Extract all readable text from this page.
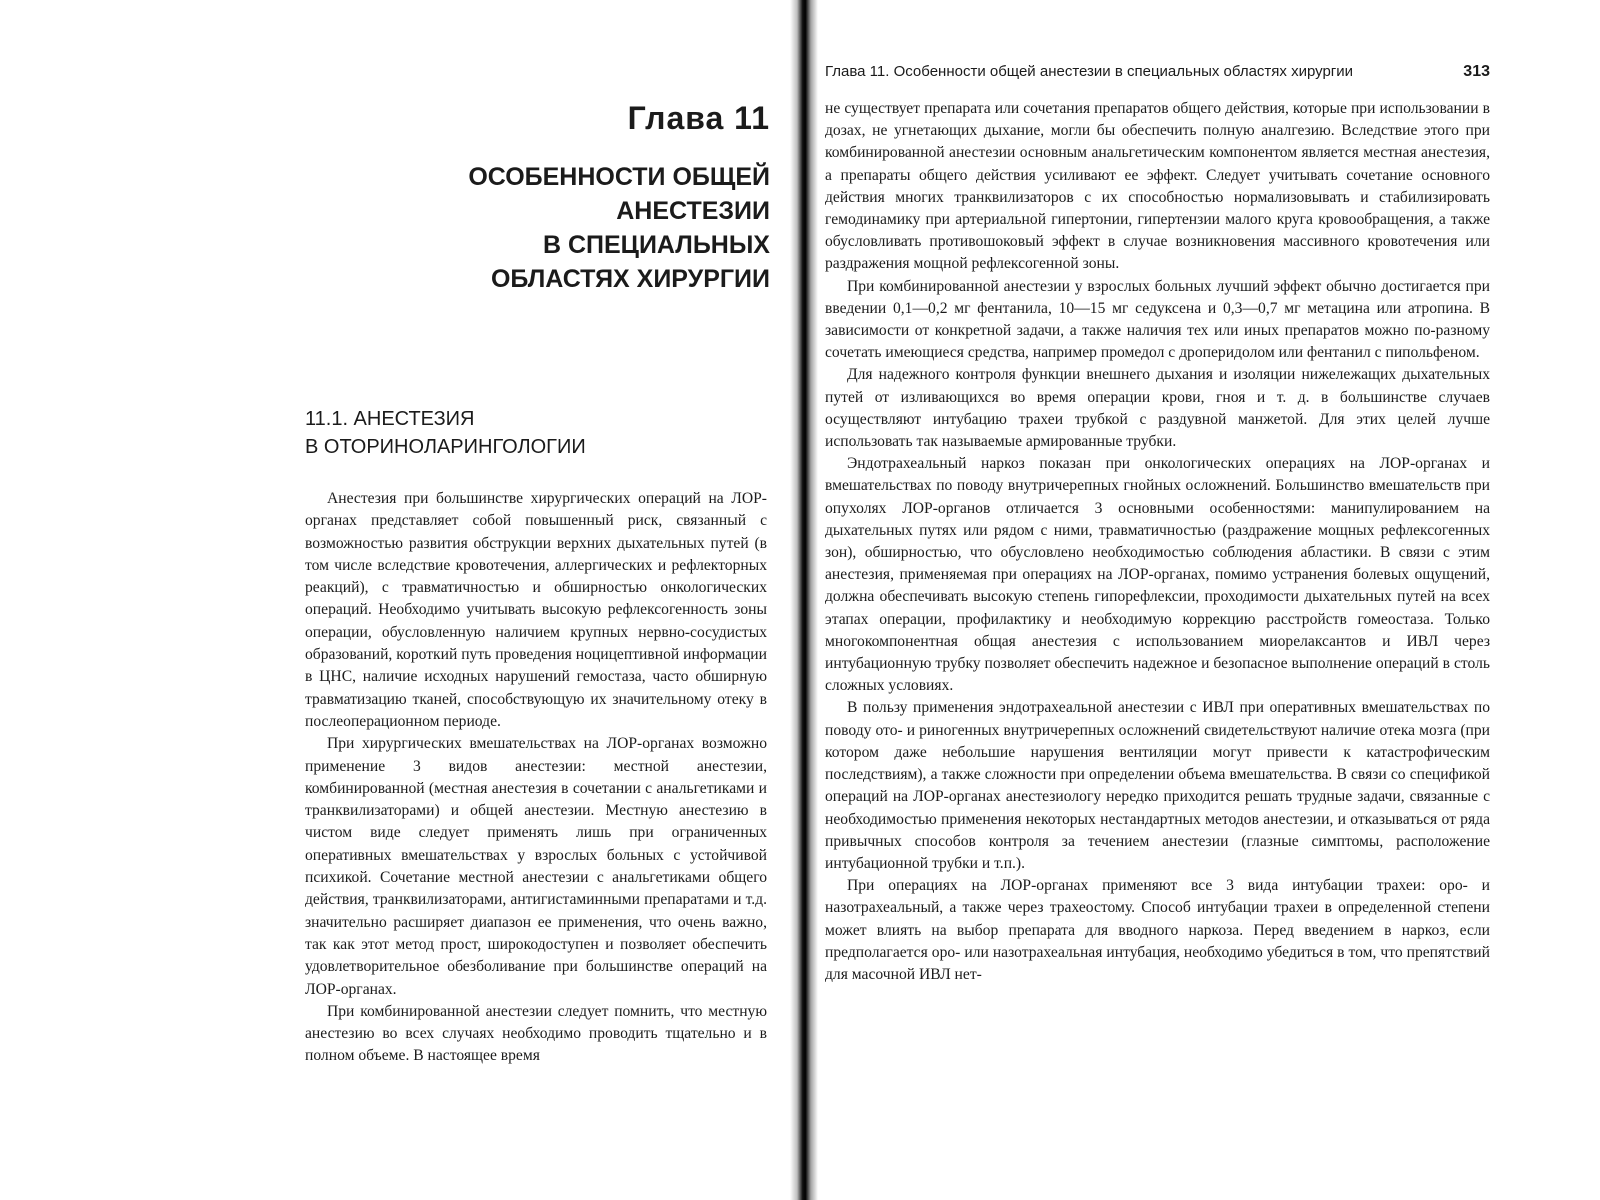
Глава 11
ОСОБЕННОСТИ ОБЩЕЙ
АНЕСТЕЗИИ
В СПЕЦИАЛЬНЫХ
ОБЛАСТЯХ ХИРУРГИИ
11.1. АНЕСТЕЗИЯ
В ОТОРИНОЛАРИНГОЛОГИИ

Анестезия при большинстве хирургических операций на ЛОР-органах представляет собой повышенный риск, связанный с возможностью развития обструкции верхних дыхательных путей (в том числе вследствие кровотечения, аллергических и рефлекторных реакций), с травматичностью и обширностью онкологических операций. Необходимо учитывать высокую рефлексогенность зоны операции, обусловленную наличием крупных нервно-сосудистых образований, короткий путь проведения ноцицептивной информации в ЦНС, наличие исходных нарушений гемостаза, часто обширную травматизацию тканей, способствующую их значительному отеку в послеоперационном периоде.

При хирургических вмешательствах на ЛОР-органах возможно применение 3 видов анестезии: местной анестезии, комбинированной (местная анестезия в сочетании с анальгетиками и транквилизаторами) и общей анестезии. Местную анестезию в чистом виде следует применять лишь при ограниченных оперативных вмешательствах у взрослых больных с устойчивой психикой. Сочетание местной анестезии с анальгетиками общего действия, транквилизаторами, антигистаминными препаратами и т.д. значительно расширяет диапазон ее применения, что очень важно, так как этот метод прост, широкодоступен и позволяет обеспечить удовлетворительное обезболивание при большинстве операций на ЛОР-органах.

При комбинированной анестезии следует помнить, что местную анестезию во всех случаях необходимо проводить тщательно и в полном объеме. В настоящее время

Глава 11. Особенности общей анестезии в специальных областях хирургии	313

не существует препарата или сочетания препаратов общего действия, которые при использовании в дозах, не угнетающих дыхание, могли бы обеспечить полную аналгезию. Вследствие этого при комбинированной анестезии основным анальгетическим компонентом является местная анестезия, а препараты общего действия усиливают ее эффект. Следует учитывать сочетание основного действия многих транквилизаторов с их способностью нормализовывать и стабилизировать гемодинамику при артериальной гипертонии, гипертензии малого круга кровообращения, а также обусловливать противошоковый эффект в случае возникновения массивного кровотечения или раздражения мощной рефлексогенной зоны.

При комбинированной анестезии у взрослых больных лучший эффект обычно достигается при введении 0,1—0,2 мг фентанила, 10—15 мг седуксена и 0,3—0,7 мг метацина или атропина. В зависимости от конкретной задачи, а также наличия тех или иных препаратов можно по-разному сочетать имеющиеся средства, например промедол с дроперидолом или фентанил с пипольфеном.

Для надежного контроля функции внешнего дыхания и изоляции нижележащих дыхательных путей от изливающихся во время операции крови, гноя и т. д. в большинстве случаев осуществляют интубацию трахеи трубкой с раздувной манжетой. Для этих целей лучше использовать так называемые армированные трубки.

Эндотрахеальный наркоз показан при онкологических операциях на ЛОР-органах и вмешательствах по поводу внутричерепных гнойных осложнений. Большинство вмешательств при опухолях ЛОР-органов отличается 3 основными особенностями: манипулированием на дыхательных путях или рядом с ними, травматичностью (раздражение мощных рефлексогенных зон), обширностью, что обусловлено необходимостью соблюдения абластики. В связи с этим анестезия, применяемая при операциях на ЛОР-органах, помимо устранения болевых ощущений, должна обеспечивать высокую степень гипорефлексии, проходимости дыхательных путей на всех этапах операции, профилактику и необходимую коррекцию расстройств гомеостаза. Только многокомпонентная общая анестезия с использованием миорелаксантов и ИВЛ через интубационную трубку позволяет обеспечить надежное и безопасное выполнение операций в столь сложных условиях.

В пользу применения эндотрахеальной анестезии с ИВЛ при оперативных вмешательствах по поводу ото- и риногенных внутричерепных осложнений свидетельствуют наличие отека мозга (при котором даже небольшие нарушения вентиляции могут привести к катастрофическим последствиям), а также сложности при определении объема вмешательства. В связи со спецификой операций на ЛОР-органах анестезиологу нередко приходится решать трудные задачи, связанные с необходимостью применения некоторых нестандартных методов анестезии, и отказываться от ряда привычных способов контроля за течением анестезии (глазные симптомы, расположение интубационной трубки и т.п.).

При операциях на ЛОР-органах применяют все 3 вида интубации трахеи: оро- и назотрахеальный, а также через трахеостому. Способ интубации трахеи в определенной степени может влиять на выбор препарата для вводного наркоза. Перед введением в наркоз, если предполагается оро- или назотрахеальная интубация, необходимо убедиться в том, что препятствий для масочной ИВЛ нет-
